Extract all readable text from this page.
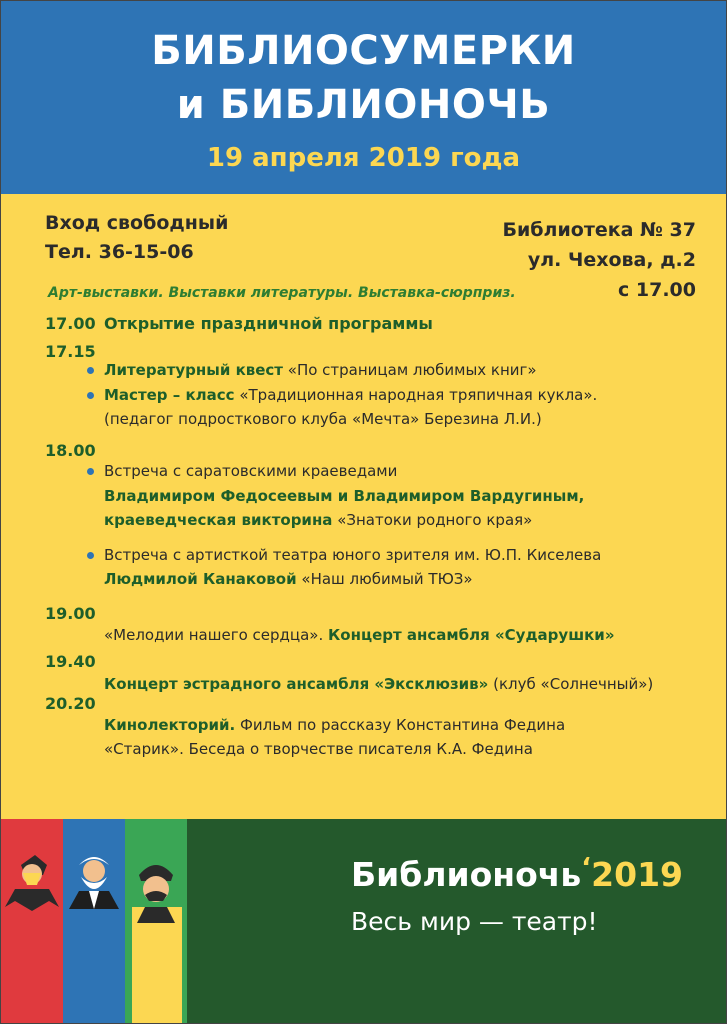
БИБЛИОСУМЕРКИ
и БИБЛИОНОЧЬ
19 апреля 2019 года
Вход свободный
Тел. 36-15-06
Библиотека № 37
ул. Чехова, д.2
с 17.00
Арт-выставки. Выставки литературы. Выставка-сюрприз.
17.00 Открытие праздничной программы
17.15
Литературный квест «По страницам любимых книг»
Мастер – класс «Традиционная народная тряпичная кукла».
(педагог подросткового клуба «Мечта» Березина Л.И.)
18.00
Встреча с саратовскими краеведами
Владимиром Федосеевым и Владимиром Вардугиным,
краеведческая викторина «Знатоки родного края»
Встреча с артисткой театра юного зрителя им. Ю.П. Киселева
Людмилой Канаковой «Наш любимый ТЮЗ»
19.00
«Мелодии нашего сердца». Концерт ансамбля «Сударушки»
19.40
Концерт эстрадного ансамбля «Эксклюзив» (клуб «Солнечный»)
20.20
Кинолекторий. Фильм по рассказу Константина Федина
«Старик». Беседа о творчестве писателя К.А. Федина
Библионочь‘2019
Весь мир — театр!
